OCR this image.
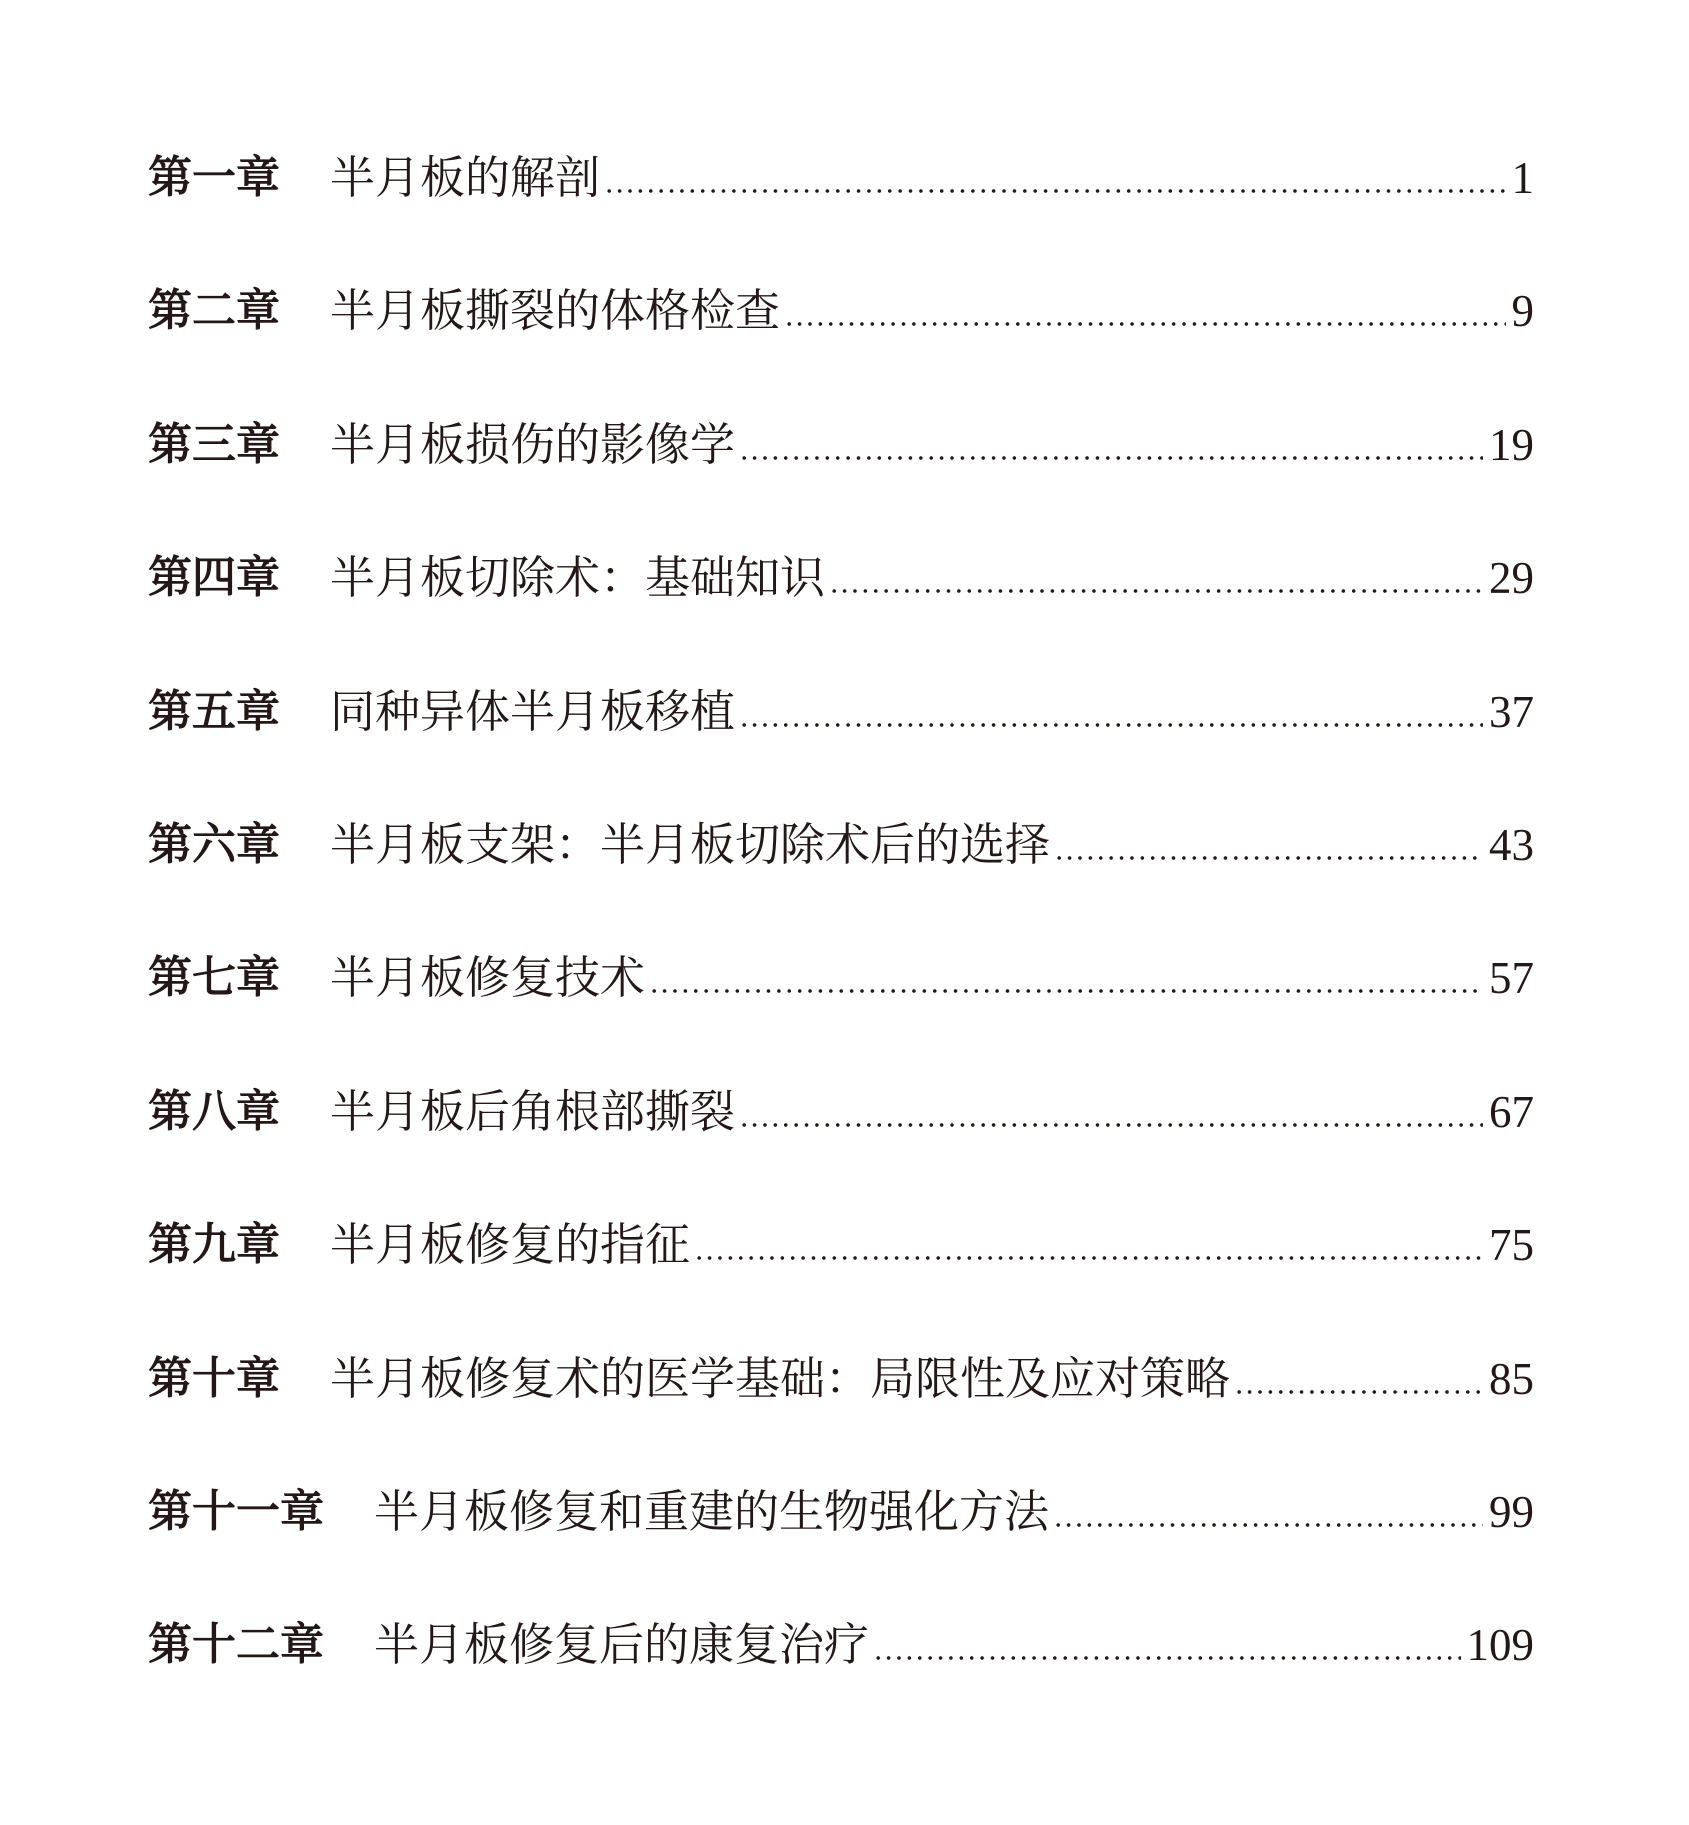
第一章 半月板的解剖	1
第二章 半月板撕裂的体格检查	9
第三章 半月板损伤的影像学	19
第四章 半月板切除术：基础知识	29
第五章 同种异体半月板移植	37
第六章 半月板支架：半月板切除术后的选择	43
第七章 半月板修复技术	57
第八章 半月板后角根部撕裂	67
第九章 半月板修复的指征	75
第十章 半月板修复术的医学基础：局限性及应对策略	85
第十一章 半月板修复和重建的生物强化方法	99
第十二章 半月板修复后的康复治疗	109
